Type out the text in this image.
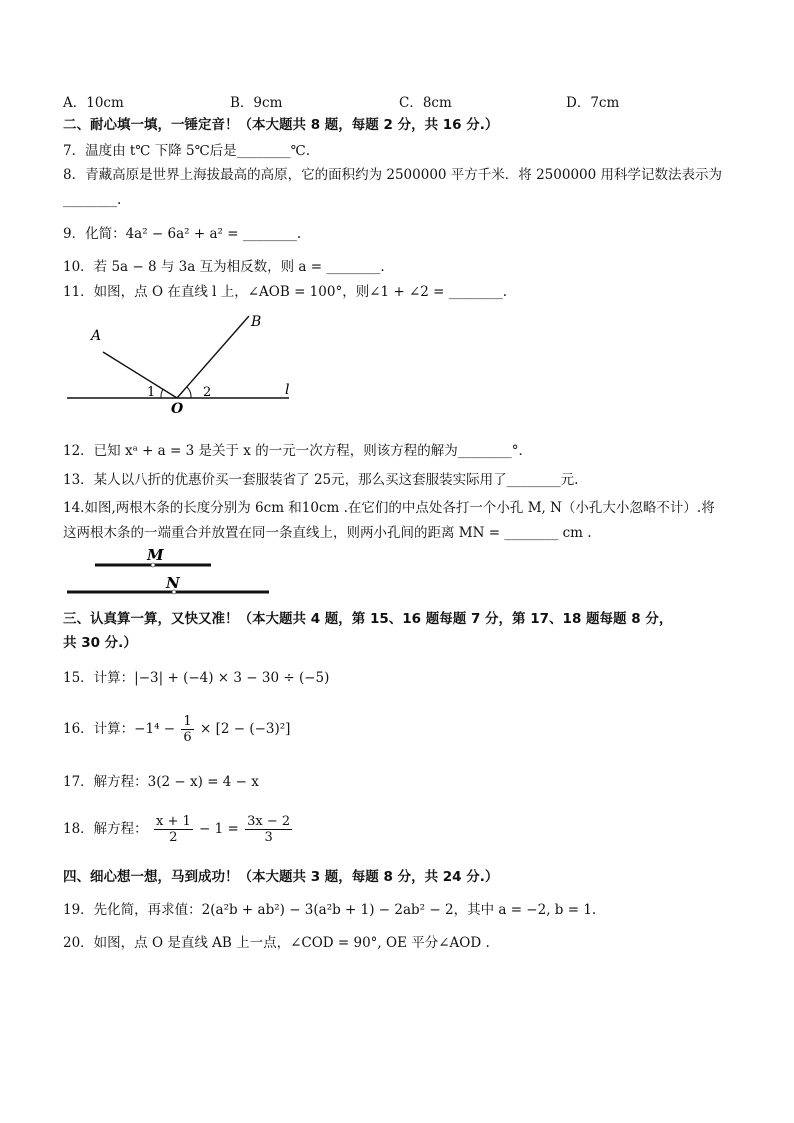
A．10cm	B．9cm	C．8cm	D．7cm
二、耐心填一填，一锤定音！（本大题共 8 题，每题 2 分，共 16 分.）
7．温度由 t℃ 下降 5℃后是________℃.
8．青藏高原是世界上海拔最高的高原，它的面积约为 2500000 平方千米．将 2500000 用科学记数法表示为
________.
9．化简：4a² − 6a² + a² = ________.
10．若 5a − 8 与 3a 互为相反数，则 a = ________.
11．如图，点 O 在直线 l 上，∠AOB = 100°，则∠1 + ∠2 = ________.
A
B
O
l
1	2
12．已知 xᵃ + a = 3 是关于 x 的一元一次方程，则该方程的解为________°．
13．某人以八折的优惠价买一套服装省了 25元，那么买这套服装实际用了________元.
14.如图,两根木条的长度分别为 6cm 和10cm .在它们的中点处各打一个小孔 M, N（小孔大小忽略不计）.将
这两根木条的一端重合并放置在同一条直线上，则两小孔间的距离 MN = ________ cm .
M
N
三、认真算一算，又快又准！（本大题共 4 题，第 15、16 题每题 7 分，第 17、18 题每题 8 分，
共 30 分.）
15．计算：|−3| + (−4) × 3 − 30 ÷ (−5)
16．计算：$-1^4 - \frac{1}{6} \times [2 - (-3)^2]$
17．解方程：3(2 − x) = 4 − x
18．解方程： $\frac{x + 1}{2} - 1 = \frac{3x - 2}{3}$
四、细心想一想，马到成功！（本大题共 3 题，每题 8 分，共 24 分.）
19．先化简，再求值：2(a²b + ab²) − 3(a²b + 1) − 2ab² − 2，其中 a = −2, b = 1.
20．如图，点 O 是直线 AB 上一点，∠COD = 90°, OE 平分∠AOD .
